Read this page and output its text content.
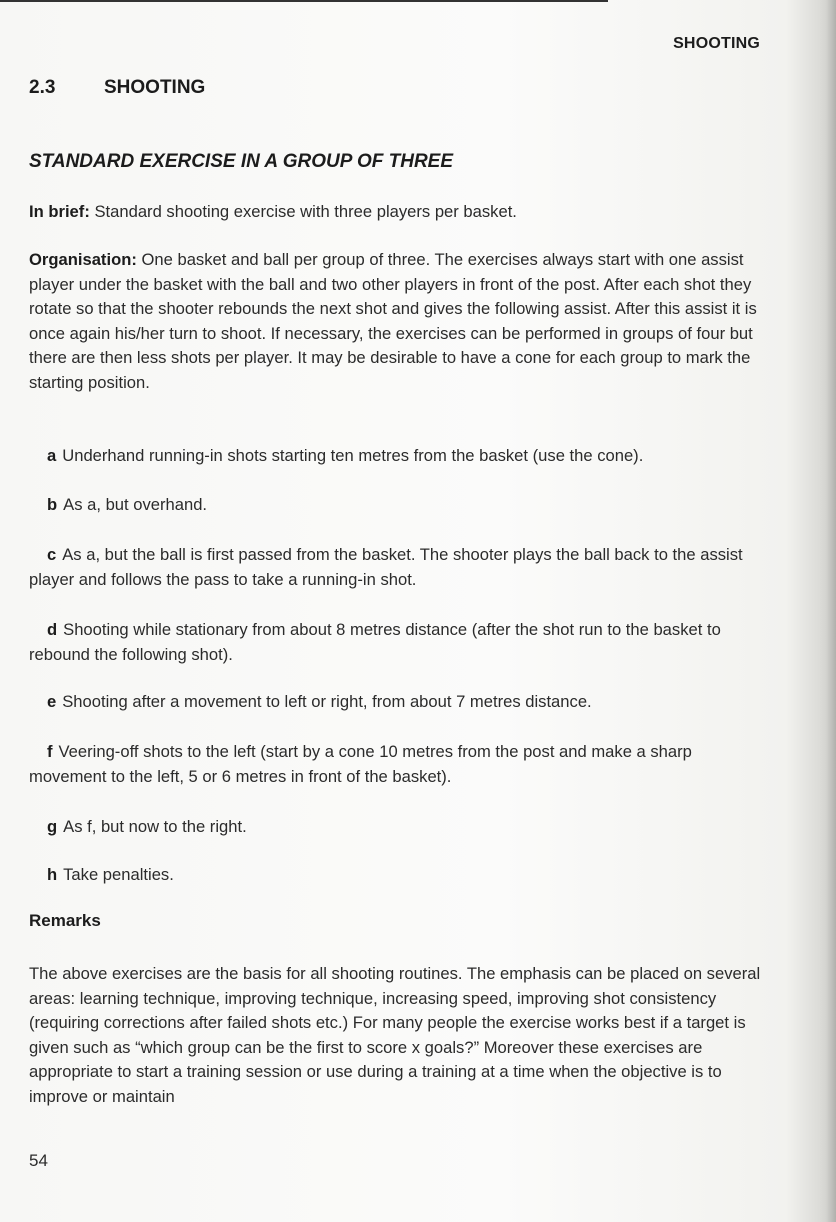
SHOOTING
2.3	SHOOTING
STANDARD EXERCISE IN A GROUP OF THREE
In brief: Standard shooting exercise with three players per basket.
Organisation: One basket and ball per group of three. The exercises always start with one assist player under the basket with the ball and two other players in front of the post. After each shot they rotate so that the shooter rebounds the next shot and gives the following assist. After this assist it is once again his/her turn to shoot. If necessary, the exercises can be performed in groups of four but there are then less shots per player. It may be desirable to have a cone for each group to mark the starting position.
a Underhand running-in shots starting ten metres from the basket (use the cone).
b As a, but overhand.
c As a, but the ball is first passed from the basket. The shooter plays the ball back to the assist player and follows the pass to take a running-in shot.
d Shooting while stationary from about 8 metres distance (after the shot run to the basket to rebound the following shot).
e Shooting after a movement to left or right, from about 7 metres distance.
f Veering-off shots to the left (start by a cone 10 metres from the post and make a sharp movement to the left, 5 or 6 metres in front of the basket).
g As f, but now to the right.
h Take penalties.
Remarks
The above exercises are the basis for all shooting routines. The emphasis can be placed on several areas: learning technique, improving technique, increasing speed, improving shot consistency (requiring corrections after failed shots etc.) For many people the exercise works best if a target is given such as “which group can be the first to score x goals?” Moreover these exercises are appropriate to start a training session or use during a training at a time when the objective is to improve or maintain
54
